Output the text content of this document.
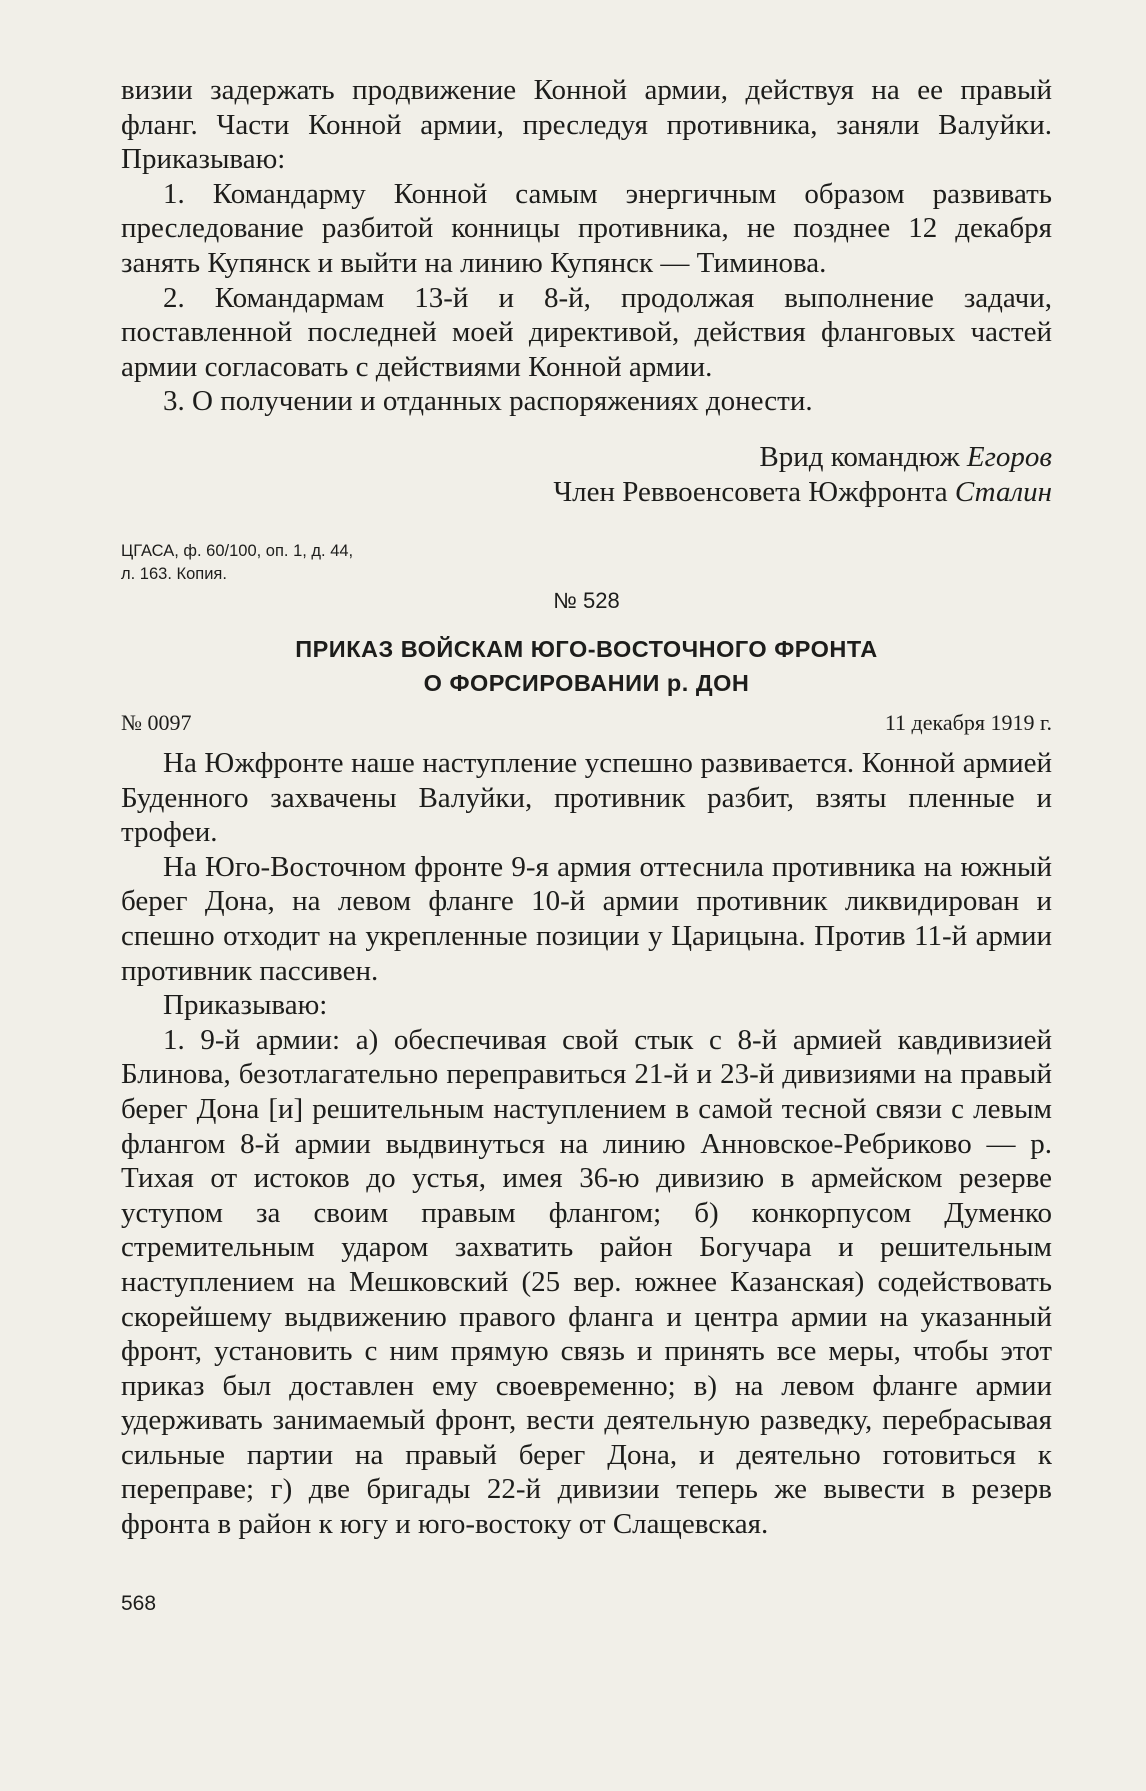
визии задержать продвижение Конной армии, действуя на ее правый фланг. Части Конной армии, преследуя противника, заняли Валуйки. Приказываю:

1. Командарму Конной самым энергичным образом развивать преследование разбитой конницы противника, не позднее 12 декабря занять Купянск и выйти на линию Купянск — Тиминова.

2. Командармам 13-й и 8-й, продолжая выполнение задачи, поставленной последней моей директивой, действия фланговых частей армии согласовать с действиями Конной армии.

3. О получении и отданных распоряжениях донести.

Врид командюж Егоров

Член Реввоенсовета Южфронта Сталин

ЦГАСА, ф. 60/100, оп. 1, д. 44,

л. 163. Копия.

№ 528

ПРИКАЗ ВОЙСКАМ ЮГО-ВОСТОЧНОГО ФРОНТА

О ФОРСИРОВАНИИ р. ДОН

№ 0097	11 декабря 1919 г.

На Южфронте наше наступление успешно развивается. Конной армией Буденного захвачены Валуйки, противник разбит, взяты пленные и трофеи.

На Юго-Восточном фронте 9-я армия оттеснила противника на южный берег Дона, на левом фланге 10-й армии противник ликвидирован и спешно отходит на укрепленные позиции у Царицына. Против 11-й армии противник пассивен.

Приказываю:

1. 9-й армии: а) обеспечивая свой стык с 8-й армией кавдивизией Блинова, безотлагательно переправиться 21-й и 23-й дивизиями на правый берег Дона [и] решительным наступлением в самой тесной связи с левым флангом 8-й армии выдвинуться на линию Анновское-Ребриково — р. Тихая от истоков до устья, имея 36-ю дивизию в армейском резерве уступом за своим правым флангом; б) конкорпусом Думенко стремительным ударом захватить район Богучара и решительным наступлением на Мешковский (25 вер. южнее Казанская) содействовать скорейшему выдвижению правого фланга и центра армии на указанный фронт, установить с ним прямую связь и принять все меры, чтобы этот приказ был доставлен ему своевременно; в) на левом фланге армии удерживать занимаемый фронт, вести деятельную разведку, перебрасывая сильные партии на правый берег Дона, и деятельно готовиться к переправе; г) две бригады 22-й дивизии теперь же вывести в резерв фронта в район к югу и юго-востоку от Слащевская.

568
